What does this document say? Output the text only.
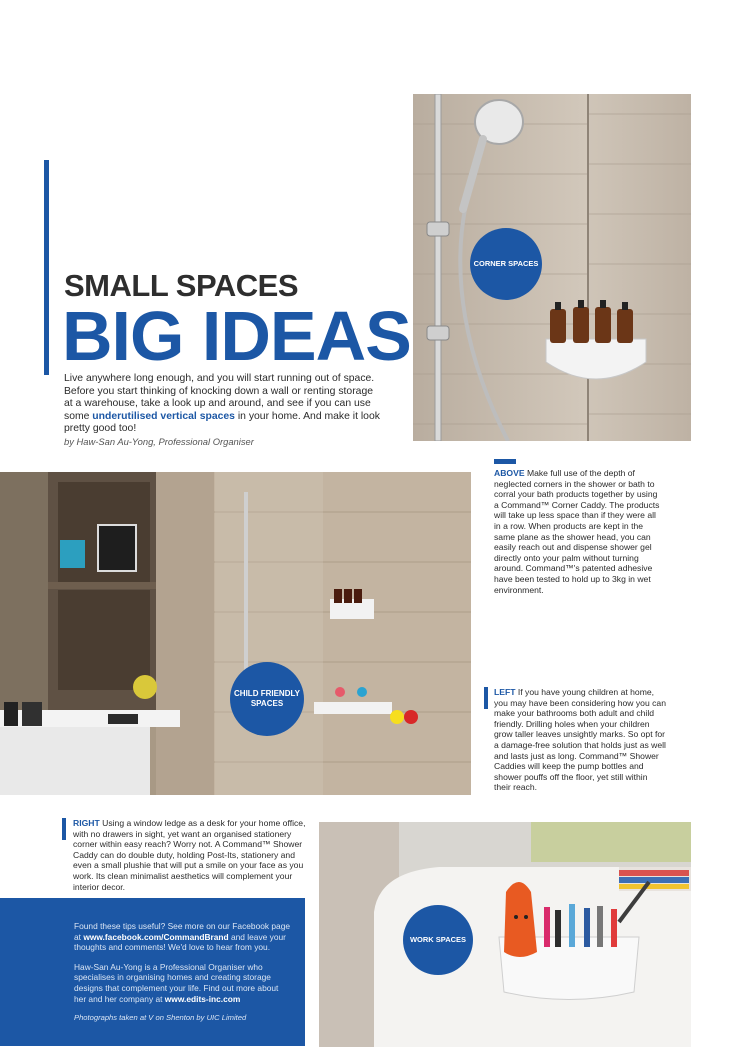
SMALL SPACES
BIG IDEAS
Live anywhere long enough, and you will start running out of space. Before you start thinking of knocking down a wall or renting storage at a warehouse, take a look up and around, and see if you can use some underutilised vertical spaces in your home. And make it look pretty good too!
by Haw-San Au-Yong, Professional Organiser
CORNER SPACES
CHILD FRIENDLY
SPACES
ABOVE Make full use of the depth of neglected corners in the shower or bath to corral your bath products together by using a Command™ Corner Caddy. The products will take up less space than if they were all in a row. When products are kept in the same plane as the shower head, you can easily reach out and dispense shower gel directly onto your palm without turning around. Command™'s patented adhesive have been tested to hold up to 3kg in wet environment.
LEFT If you have young children at home, you may have been considering how you can make your bathrooms both adult and child friendly. Drilling holes when your children grow taller leaves unsightly marks. So opt for a damage-free solution that holds just as well and lasts just as long. Command™ Shower Caddies will keep the pump bottles and shower pouffs off the floor, yet still within their reach.
RIGHT Using a window ledge as a desk for your home office, with no drawers in sight, yet want an organised stationery corner within easy reach? Worry not. A Command™ Shower Caddy can do double duty, holding Post-Its, stationery and even a small plushie that will put a smile on your face as you work. Its clean minimalist aesthetics will complement your interior decor.

Found these tips useful? See more on our Facebook page at www.facebook.com/CommandBrand and leave your thoughts and comments! We'd love to hear from you.

Haw-San Au-Yong is a Professional Organiser who specialises in organising homes and creating storage designs that complement your life. Find out more about her and her company at www.edits-inc.com

Photographs taken at V on Shenton by UIC Limited

WORK SPACES
